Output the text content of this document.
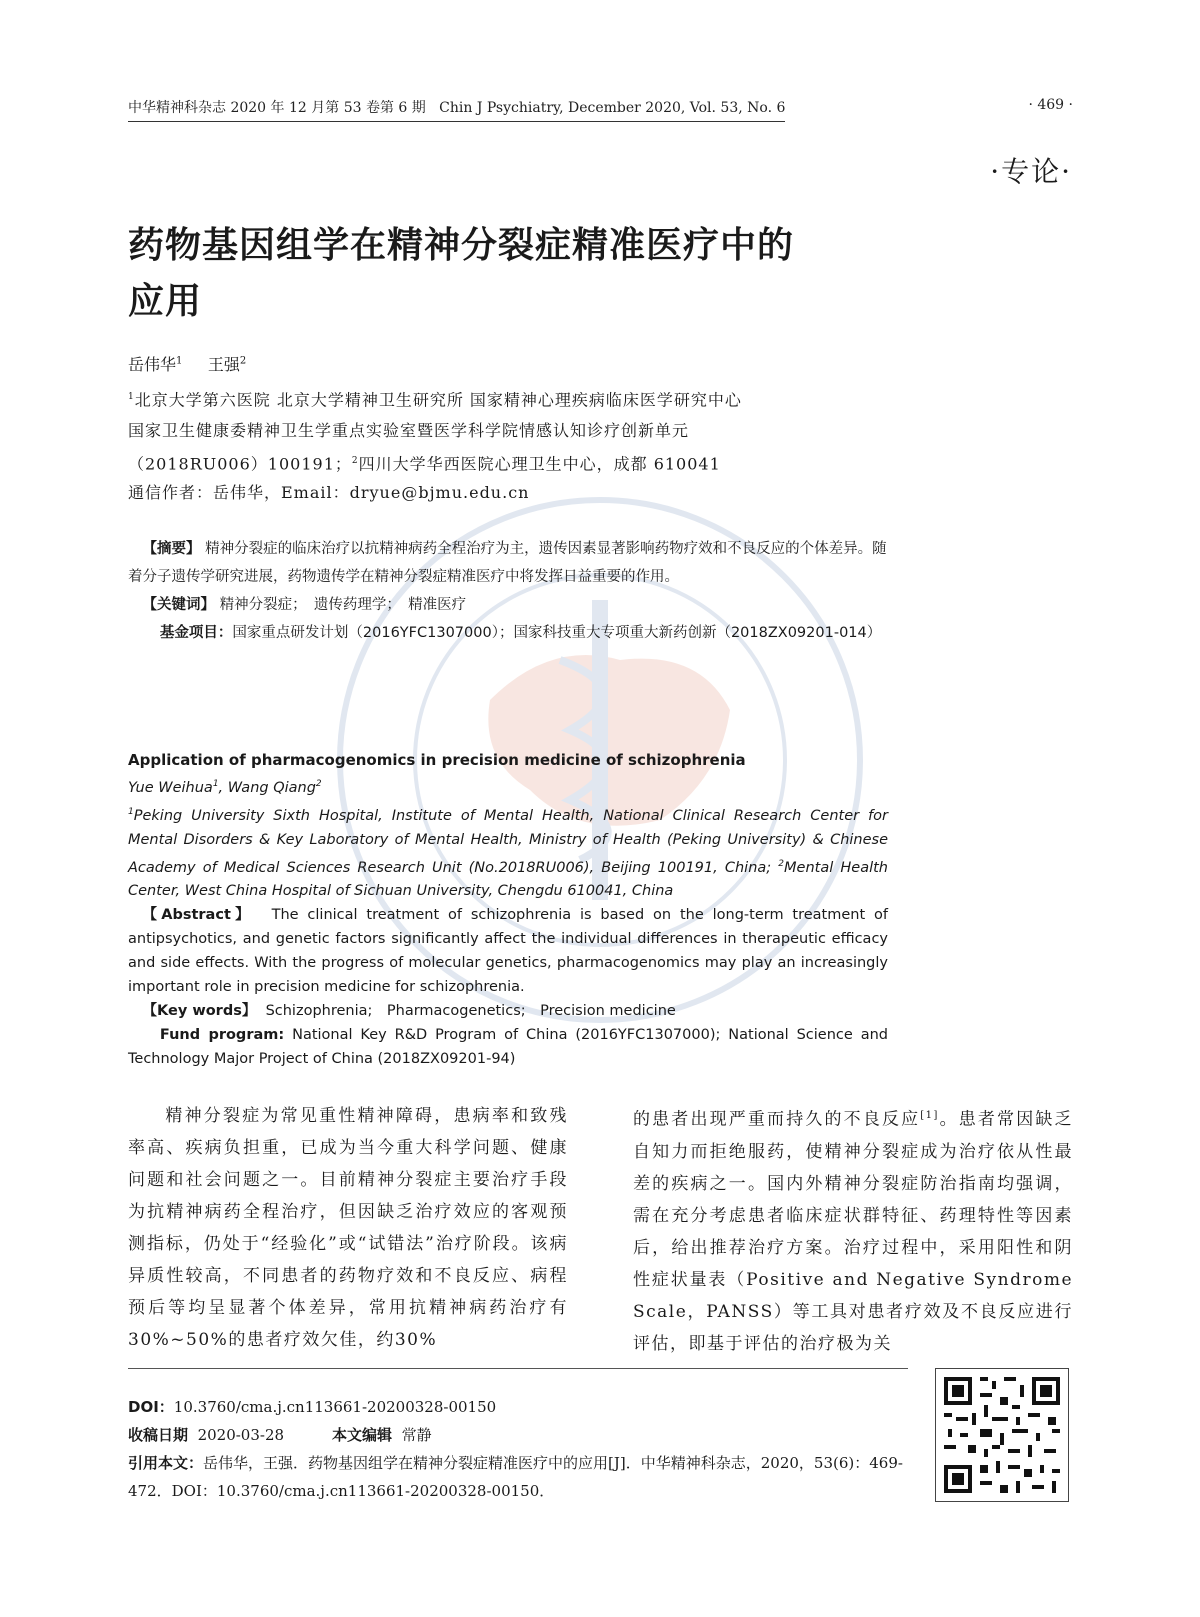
中华精神科杂志 2020 年 12 月第 53 卷第 6 期 Chin J Psychiatry, December 2020, Vol. 53, No. 6	· 469 ·
·专论·
药物基因组学在精神分裂症精准医疗中的
应用
岳伟华$^1$ 王强$^2$
$^1$北京大学第六医院 北京大学精神卫生研究所 国家精神心理疾病临床医学研究中心
国家卫生健康委精神卫生学重点实验室暨医学科学院情感认知诊疗创新单元
（2018RU006）100191；$^2$四川大学华西医院心理卫生中心，成都 610041
通信作者：岳伟华，Email：dryue@bjmu.edu.cn

【摘要】 精神分裂症的临床治疗以抗精神病药全程治疗为主，遗传因素显著影响药物疗效和不良反应的个体差异。随着分子遗传学研究进展，药物遗传学在精神分裂症精准医疗中将发挥日益重要的作用。

【关键词】 精神分裂症；　遗传药理学；　精准医疗

基金项目：国家重点研发计划（2016YFC1307000）；国家科技重大专项重大新药创新（2018ZX09201-014）

Application of pharmacogenomics in precision medicine of schizophrenia

Yue Weihua$^1$, Wang Qiang$^2$

$^1$Peking University Sixth Hospital, Institute of Mental Health, National Clinical Research Center for Mental Disorders & Key Laboratory of Mental Health, Ministry of Health (Peking University) & Chinese Academy of Medical Sciences Research Unit (No.2018RU006), Beijing 100191, China; $^2$Mental Health Center, West China Hospital of Sichuan University, Chengdu 610041, China

【Abstract】 The clinical treatment of schizophrenia is based on the long-term treatment of antipsychotics, and genetic factors significantly affect the individual differences in therapeutic efficacy and side effects. With the progress of molecular genetics, pharmacogenomics may play an increasingly important role in precision medicine for schizophrenia.

【Key words】 Schizophrenia;　Pharmacogenetics;　Precision medicine

Fund program: National Key R&D Program of China (2016YFC1307000); National Science and Technology Major Project of China (2018ZX09201-94)

精神分裂症为常见重性精神障碍，患病率和致残率高、疾病负担重，已成为当今重大科学问题、健康问题和社会问题之一。目前精神分裂症主要治疗手段为抗精神病药全程治疗，但因缺乏治疗效应的客观预测指标，仍处于“经验化”或“试错法”治疗阶段。该病异质性较高，不同患者的药物疗效和不良反应、病程预后等均呈显著个体差异，常用抗精神病药治疗有30%~50%的患者疗效欠佳，约30%

的患者出现严重而持久的不良反应[1]。患者常因缺乏自知力而拒绝服药，使精神分裂症成为治疗依从性最差的疾病之一。国内外精神分裂症防治指南均强调，需在充分考虑患者临床症状群特征、药理特性等因素后，给出推荐治疗方案。治疗过程中，采用阳性和阴性症状量表（Positive and Negative Syndrome Scale，PANSS）等工具对患者疗效及不良反应进行评估，即基于评估的治疗极为关

DOI：10.3760/cma.j.cn113661-20200328-00150

收稿日期 2020-03-28	本文编辑 常静

引用本文：岳伟华，王强．药物基因组学在精神分裂症精准医疗中的应用[J]．中华精神科杂志，2020，53(6)：469-472．DOI：10.3760/cma.j.cn113661-20200328-00150．
